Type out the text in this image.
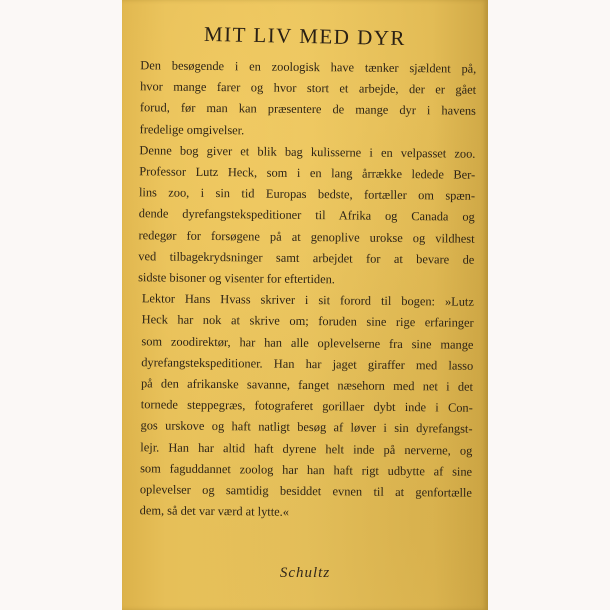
MIT LIV MED DYR

Den besøgende i en zoologisk have tænker sjældent på,
hvor mange farer og hvor stort et arbejde, der er gået
forud, før man kan præsentere de mange dyr i havens
fredelige omgivelser.

Denne bog giver et blik bag kulisserne i en velpasset zoo.
Professor Lutz Heck, som i en lang årrække ledede Ber-
lins zoo, i sin tid Europas bedste, fortæller om spæn-
dende dyrefangstekspeditioner til Afrika og Canada og
redegør for forsøgene på at genoplive urokse og vildhest
ved tilbagekrydsninger samt arbejdet for at bevare de
sidste bisoner og visenter for eftertiden.

Lektor Hans Hvass skriver i sit forord til bogen: »Lutz
Heck har nok at skrive om; foruden sine rige erfaringer
som zoodirektør, har han alle oplevelserne fra sine mange
dyrefangstekspeditioner. Han har jaget giraffer med lasso
på den afrikanske savanne, fanget næsehorn med net i det
tornede steppegræs, fotograferet gorillaer dybt inde i Con-
gos urskove og haft natligt besøg af løver i sin dyrefangst-
lejr. Han har altid haft dyrene helt inde på nerverne, og
som faguddannet zoolog har han haft rigt udbytte af sine
oplevelser og samtidig besiddet evnen til at genfortælle
dem, så det var værd at lytte.«

Schultz
